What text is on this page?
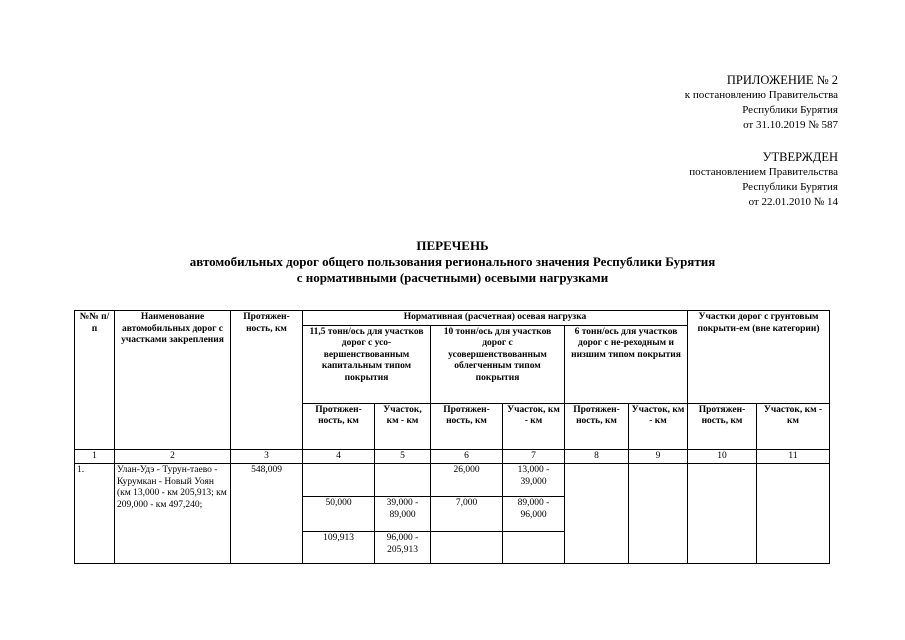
ПРИЛОЖЕНИЕ № 2
к постановлению Правительства
Республики Бурятия
от 31.10.2019 № 587
УТВЕРЖДЕН
постановлением Правительства
Республики Бурятия
от 22.01.2010 № 14
ПЕРЕЧЕНЬ
автомобильных дорог общего пользования регионального значения Республики Бурятия
с нормативными (расчетными) осевыми нагрузками
№№ п/п	Наименование автомобильных дорог с участками закрепления	Протяжен-ность, км	Нормативная (расчетная) осевая нагрузка						Участки дорог с грунтовым покрыти-ем (вне категории)	
			11,5 тонн/ось для участков дорог с усо-вершенствованным капитальным типом покрытия		10 тонн/ось для участков дорог с усовершенствованным облегченным типом покрытия		6 тонн/ось для участков дорог с не-реходным и низшим типом покрытия			
			Протяжен-ность, км	Участок, км - км	Протяжен-ность, км	Участок, км - км	Протяжен-ность, км	Участок, км - км	Протяжен-ность, км	Участок, км - км
1	2	3	4	5	6	7	8	9	10	11
1.	Улан-Удэ - Турун-таево - Курумкан - Новый Уоян (км 13,000 - км 205,913; км 209,000 - км 497,240;	548,009			26,000	13,000 - 39,000				
			50,000	39,000 - 89,000	7,000	89,000 - 96,000				
			109,913	96,000 - 205,913						
